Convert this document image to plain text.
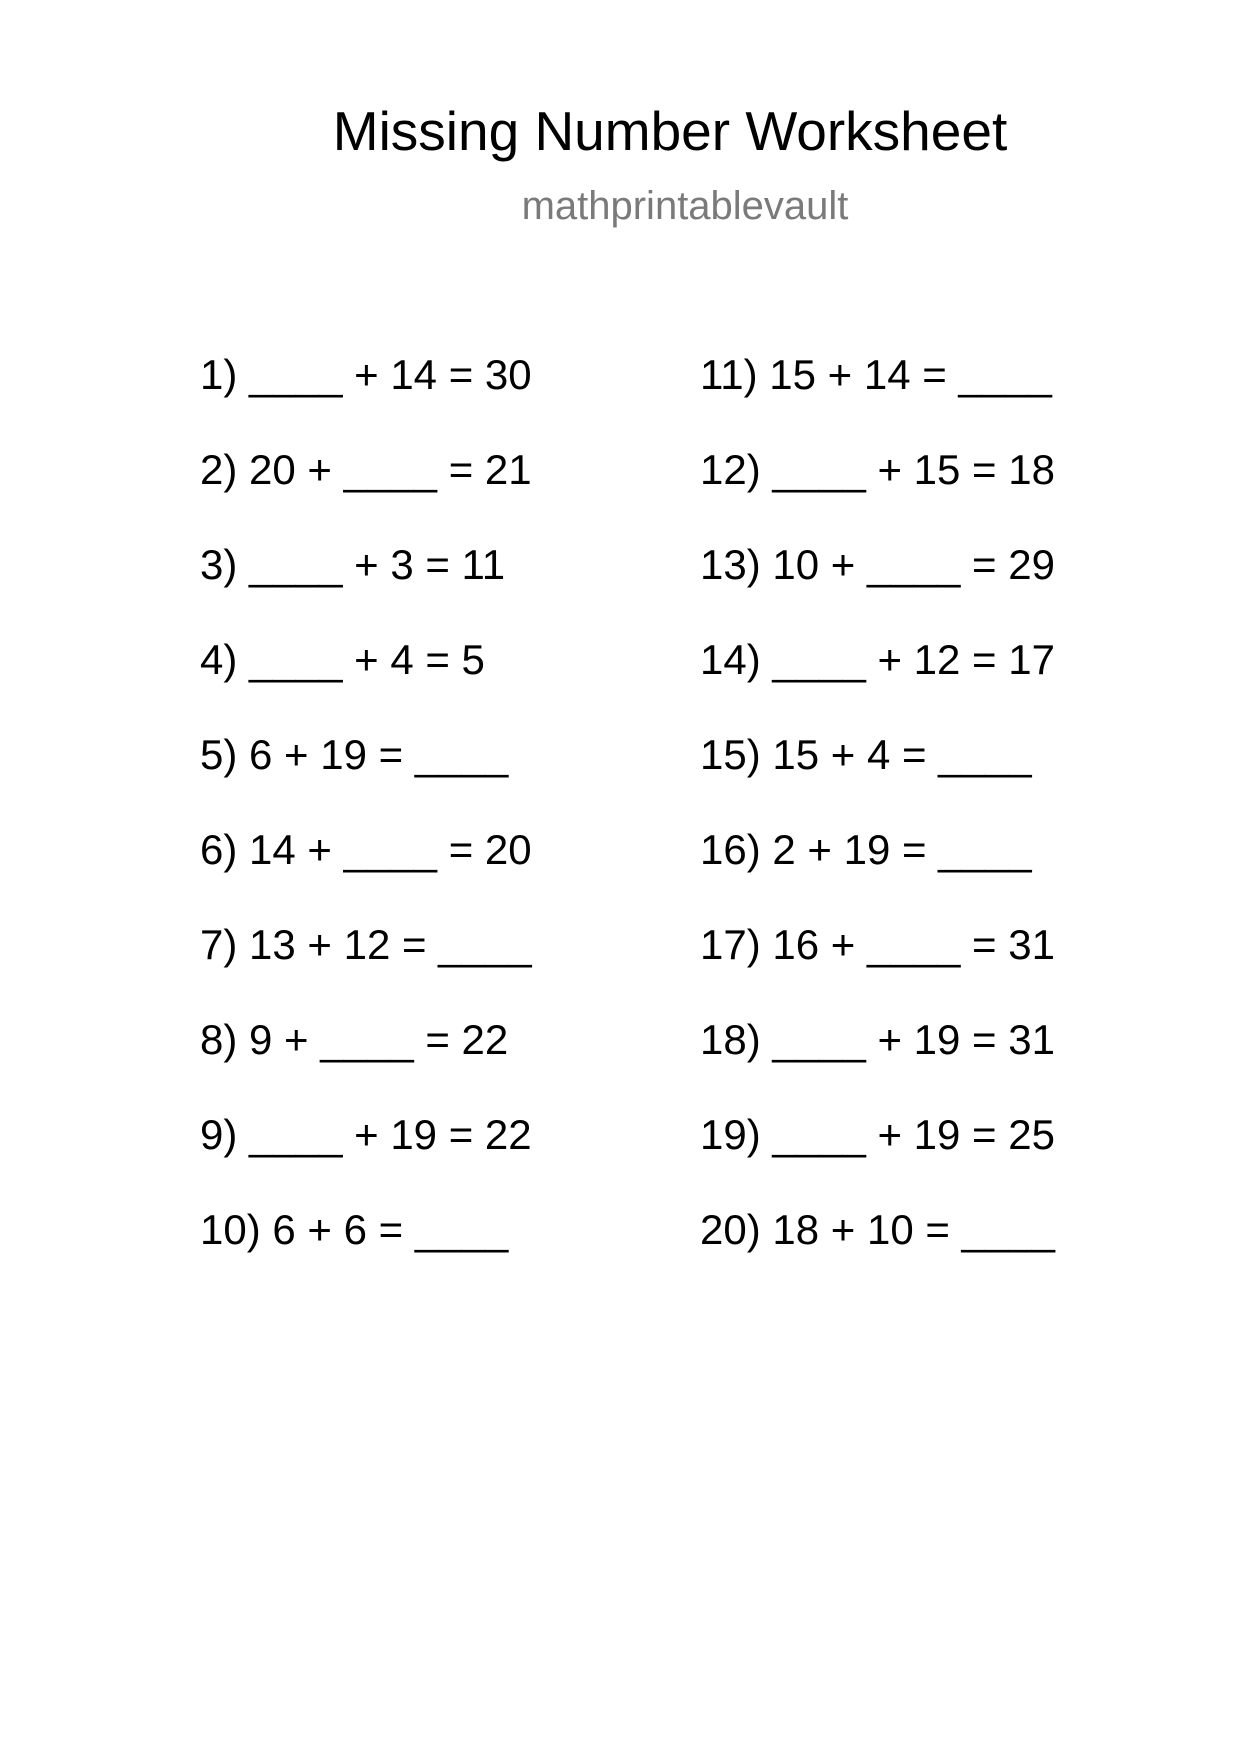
Missing Number Worksheet
mathprintablevault
1) ____ + 14 = 30
2) 20 + ____ = 21
3) ____ + 3 = 11
4) ____ + 4 = 5
5) 6 + 19 = ____
6) 14 + ____ = 20
7) 13 + 12 = ____
8) 9 + ____ = 22
9) ____ + 19 = 22
10) 6 + 6 = ____
11) 15 + 14 = ____
12) ____ + 15 = 18
13) 10 + ____ = 29
14) ____ + 12 = 17
15) 15 + 4 = ____
16) 2 + 19 = ____
17) 16 + ____ = 31
18) ____ + 19 = 31
19) ____ + 19 = 25
20) 18 + 10 = ____
